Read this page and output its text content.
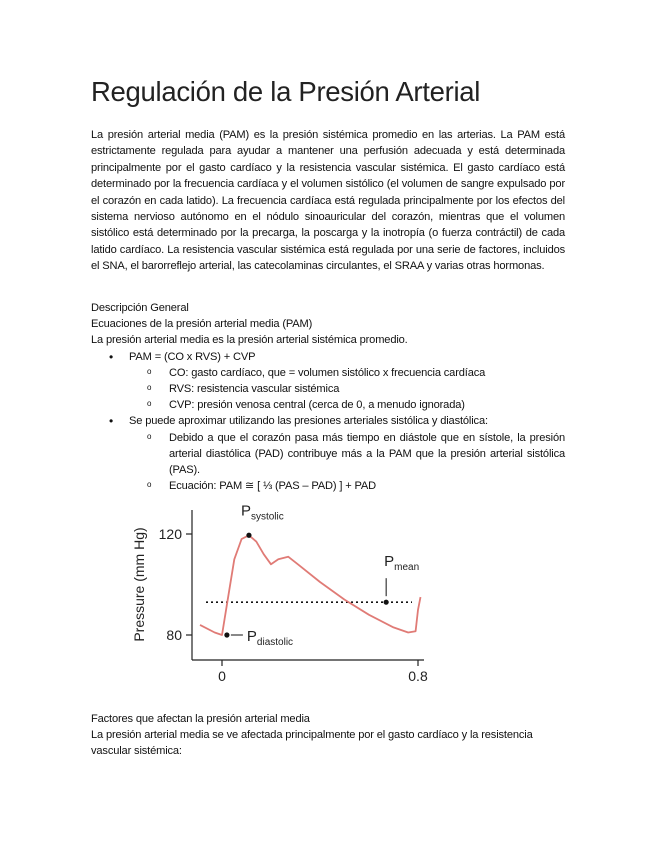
Regulación de la Presión Arterial

La presión arterial media (PAM) es la presión sistémica promedio en las arterias. La PAM está estrictamente regulada para ayudar a mantener una perfusión adecuada y está determinada principalmente por el gasto cardíaco y la resistencia vascular sistémica. El gasto cardíaco está determinado por la frecuencia cardíaca y el volumen sistólico (el volumen de sangre expulsado por el corazón en cada latido). La frecuencia cardíaca está regulada principalmente por los efectos del sistema nervioso autónomo en el nódulo sinoauricular del corazón, mientras que el volumen sistólico está determinado por la precarga, la poscarga y la inotropía (o fuerza contráctil) de cada latido cardíaco. La resistencia vascular sistémica está regulada por una serie de factores, incluidos el SNA, el barorreflejo arterial, las catecolaminas circulantes, el SRAA y varias otras hormonas.

Descripción General

Ecuaciones de la presión arterial media (PAM)

La presión arterial media es la presión arterial sistémica promedio.

• PAM = (CO x RVS) + CVP
o CO: gasto cardíaco, que = volumen sistólico x frecuencia cardíaca
o RVS: resistencia vascular sistémica
o CVP: presión venosa central (cerca de 0, a menudo ignorada)
• Se puede aproximar utilizando las presiones arteriales sistólica y diastólica:
o Debido a que el corazón pasa más tiempo en diástole que en sístole, la presión arterial diastólica (PAD) contribuye más a la PAM que la presión arterial sistólica (PAS).
o Ecuación: PAM ≅ [ ⅓ (PAS – PAD) ] + PAD

Factores que afectan la presión arterial media

La presión arterial media se ve afectada principalmente por el gasto cardíaco y la resistencia vascular sistémica:

120
80
0	0.8
Pressure (mm Hg)
$P_{systolic}$
$P_{mean}$
$P_{diastolic}$
